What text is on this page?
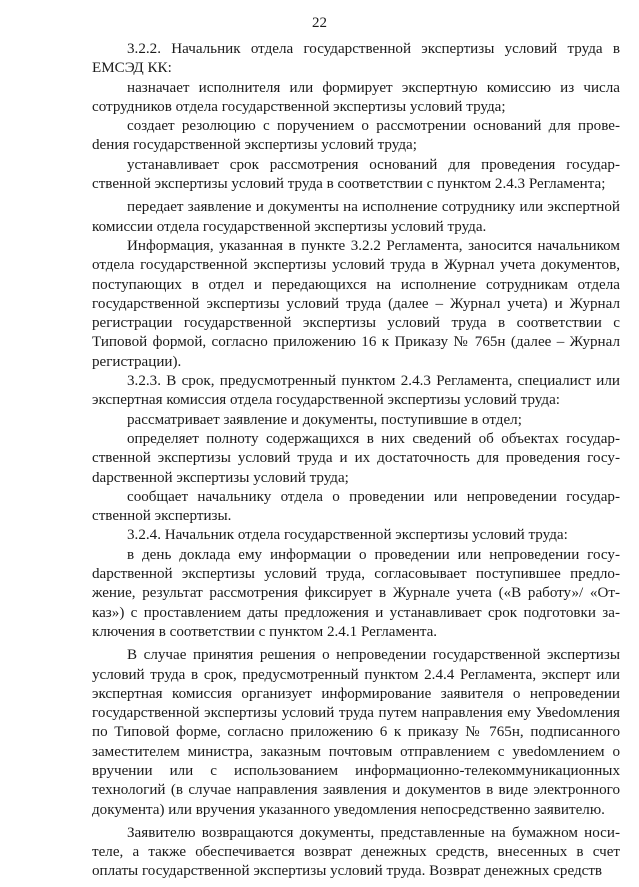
22

3.2.2. Начальник отдела государственной экспертизы условий труда в ЕМСЭД КК:

назначает исполнителя или формирует экспертную комиссию из числа сотрудников отдела государственной экспертизы условий труда;

создает резолюцию с поручением о рассмотрении оснований для провеdения государственной экспертизы условий труда;

устанавливает срок рассмотрения оснований для проведения государственной экспертизы условий труда в соответствии с пунктом 2.4.3 Регламента;

передает заявление и документы на исполнение сотруднику или экспертной комиссии отдела государственной экспертизы условий труда.

Информация, указанная в пункте 3.2.2 Регламента, заносится начальником отдела государственной экспертизы условий труда в Журнал учета документов, поступающих в отдел и передающихся на исполнение сотрудникам отдела государственной экспертизы условий труда (далее – Журнал учета) и Журнал регистрации государственной экспертизы условий труда в соответствии с Типовой формой, согласно приложению 16 к Приказу № 765н (далее – Журнал регистрации).

3.2.3. В срок, предусмотренный пунктом 2.4.3 Регламента, специалист или экспертная комиссия отдела государственной экспертизы условий труда:

рассматривает заявление и документы, поступившие в отдел;

определяет полноту содержащихся в них сведений об объектах государственной экспертизы условий труда и их достаточность для проведения госуdарственной экспертизы условий труда;

сообщает начальнику отдела о проведении или непроведении государственной экспертизы.

3.2.4. Начальник отдела государственной экспертизы условий труда:

в день доклада ему информации о проведении или непроведении госуdарственной экспертизы условий труда, согласовывает поступившее предложение, результат рассмотрения фиксирует в Журнале учета («В работу»/ «Отказ») с проставлением даты предложения и устанавливает срок подготовки заключения в соответствии с пунктом 2.4.1 Регламента.

В случае принятия решения о непроведении государственной экспертизы условий труда в срок, предусмотренный пунктом 2.4.4 Регламента, эксперт или экспертная комиссия организует информирование заявителя о непроведении государственной экспертизы условий труда путем направления ему Увеdомления по Типовой форме, согласно приложению 6 к приказу № 765н, подписанного заместителем министра, заказным почтовым отправлением с увеdомлением о вручении или с использованием информационно-телекоммуникационных технологий (в случае направления заявления и документов в виде электронного документа) или вручения указанного уведомления непосредственно заявителю.

Заявителю возвращаются документы, представленные на бумажном носителе, а также обеспечивается возврат денежных средств, внесенных в счет оплаты государственной экспертизы условий труда. Возврат денежных средств
